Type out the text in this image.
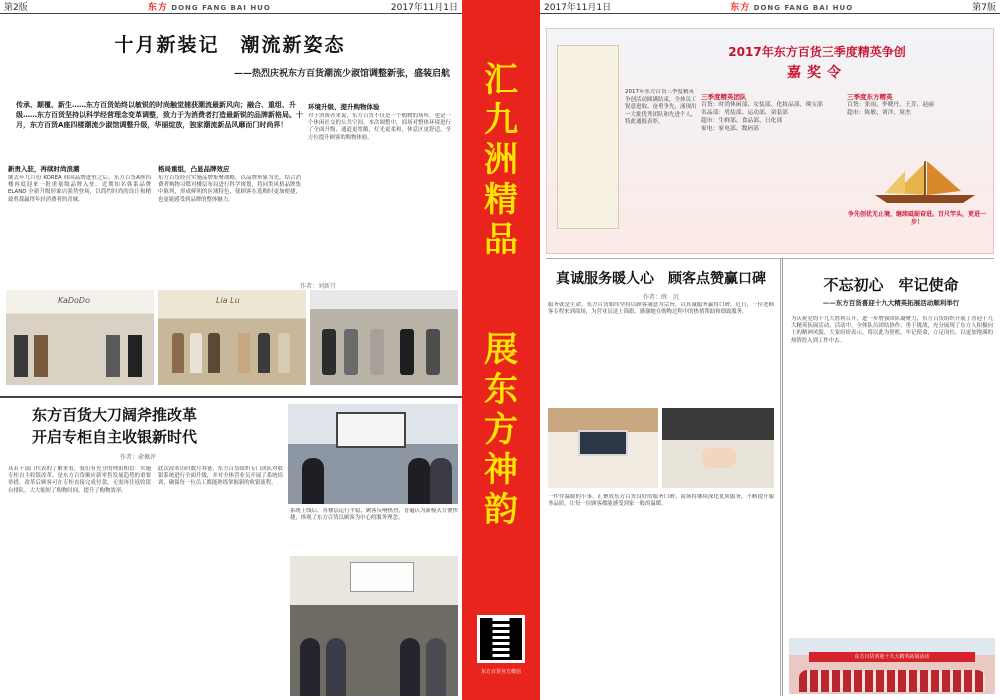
第2版	东方 DONG FANG BAI HUO	2017年11月1日
十月新装记　潮流新姿态
——热烈庆祝东方百货潮流少淑馆调整新张，盛装启航
传承、颠覆、新生……东方百货始终以敏锐的时尚触觉捕获潮流最新风向；融合、重组、升级……东方百货坚持以科学经营理念变革调整，致力于为消费者打造最新锐的品牌新格局。十月，东方百货A座四楼潮流少淑馆调整升级，华丽绽放，独家潮流新品风靡而门时尚界！
环境升级、提升购物体验
对于消费者来说，东方百货不仅是一个购物的场所，也是一个休闲社交的公共空间。本次调整中，商场对整体环境进行了全面升级，通道更宽敞，灯光更柔和，休息区更舒适，全方位提升顾客的购物体验。
新贵入驻，再续时尚浪潮
继去年九月份 KOREA 韩国品牌进驻之后，东方百货A座四楼再度迎来一批重量级品牌入驻。近期知名韩系品牌 ELAND 全新升级形象店强势登场，以简约时尚的设计和精致剪裁赢得年轻消费者的青睐。
格局重组，凸显品牌效应
东方百货经营实施品牌集聚战略，以品牌形象为先，结合消费者购物习惯对楼层布局进行科学规划，将同类风格品牌集中陈列，形成鲜明的区域特色，使顾客在选购时更加便捷，也更能感受到品牌的整体魅力。
作者：刘新月
KaDoDo	Lia Lu
东方百货大刀阔斧推改革
开启专柜自主收银新时代
作者：俞佩评
从若干部门代表的了解来看，我们有充分的理由相信：实施专柜自主收银改革，是东方百货顺应新零售发展趋势的重要举措。改革后顾客可在专柜直接完成付款，无需再往返收银台排队，大大缩短了购物时间，提升了购物效率。
此次改革历时数月筹备，东方百货组织专门团队对收银系统进行全面升级，并对全体营业员开展了系统培训，确保每一位员工都能熟练掌握新的收银流程。
系统上线后，各楼层运行平稳，顾客反响热烈，普遍认为新模式方便快捷，体现了东方百货以顾客为中心的服务理念。
汇
九
洲
精
品
展
东
方
神
韵
东方百货官方微信
2017年11月1日	东方 DONG FANG BAI HUO	第7版
2017年东方百货三季度精英争创
嘉奖令
2017年东方百货三季度精英争创活动圆满结束，全体员工锐意进取、奋勇争先，涌现出一大批优秀团队和先进个人，特此通报表彰。
三季度精英团队
百货：时尚休闲部、女装部、化妆品部、珠宝部
名品部：男装部、运动部、童装部
超市：生鲜部、食品部、日化部
家电：家电部、数码部
三季度东方精英
百货：张雨、李晓丹、王芳、赵丽
超市：陈敏、刘洋、周杰
争先创优无止境，继续砥砺奋进。百尺竿头，更进一步！
真诚服务暖人心　顾客点赞赢口碑
作者：薛　沉
服务就是生命，东方百货始终坚持以顾客满意为宗旨，以真诚服务赢得口碑。近日，一位老顾客专程来到商场，为营业员送上锦旗，感谢她在购物过程中的热情帮助和细致服务。
一件件温暖的小事，汇聚成东方百货良好的服务口碑。商场将继续深化优质服务，不断提升服务品质，让每一位顾客都能感受到家一般的温暖。
不忘初心　牢记使命
——东方百货喜迎十九大精英拓展活动顺利举行
为庆祝党的十九大胜利召开，进一步增强团队凝聚力，东方百货组织开展了喜迎十九大精英拓展活动。活动中，全体队员团结协作、勇于挑战，充分展现了东方人积极向上的精神风貌。大家纷纷表示，将以此为契机，牢记使命，立足岗位，以更加饱满的热情投入到工作中去。
东方百货喜迎十九大精英拓展活动
